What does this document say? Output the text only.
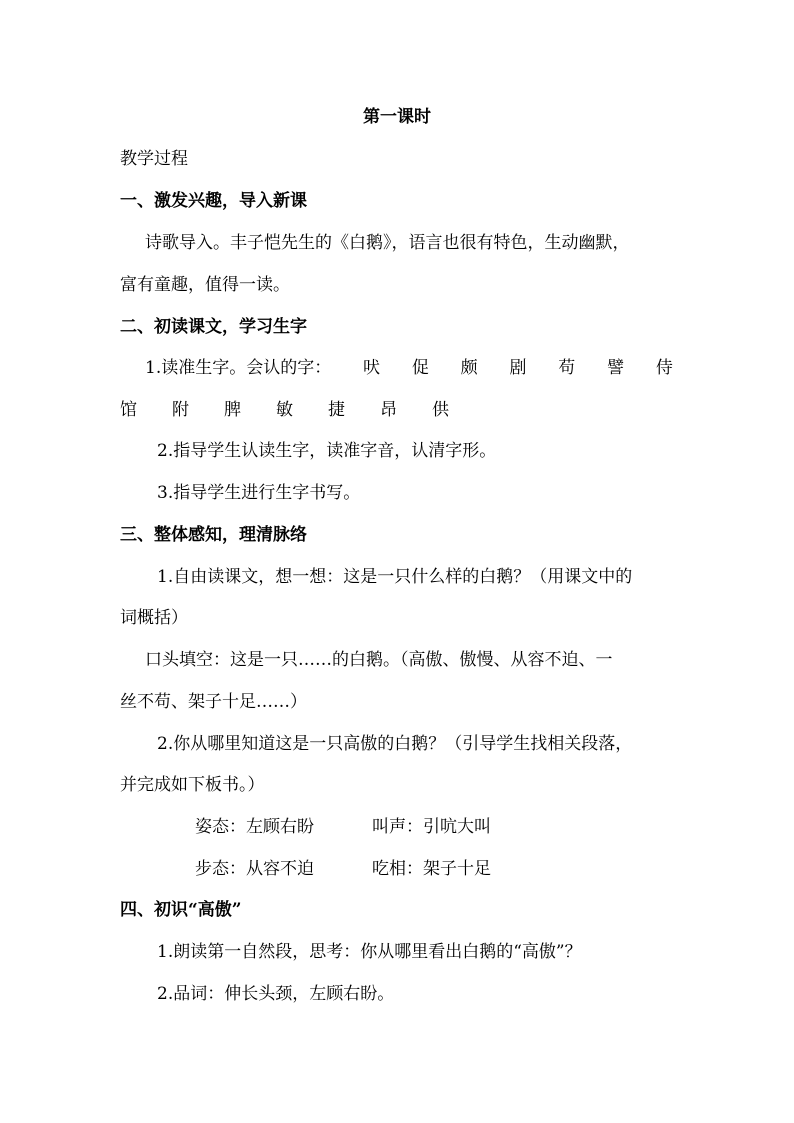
第一课时
教学过程
一、激发兴趣，导入新课
诗歌导入。丰子恺先生的《白鹅》，语言也很有特色，生动幽默，
富有童趣，值得一读。
二、初读课文，学习生字
1.读准生字。会认的字： 吠 促 颇 剧 苟 譬 侍
馆	附	脾	敏	捷	昂	供
2.指导学生认读生字，读准字音，认清字形。
3.指导学生进行生字书写。
三、整体感知，理清脉络
1.自由读课文，想一想：这是一只什么样的白鹅？（用课文中的
词概括）
口头填空：这是一只……的白鹅。（高傲、傲慢、从容不迫、一
丝不苟、架子十足……）
2.你从哪里知道这是一只高傲的白鹅？（引导学生找相关段落，
并完成如下板书。）
姿态：左顾右盼	叫声：引吭大叫
步态：从容不迫	吃相：架子十足
四、初识“高傲”
1.朗读第一自然段，思考：你从哪里看出白鹅的“高傲”？
2.品词：伸长头颈，左顾右盼。
